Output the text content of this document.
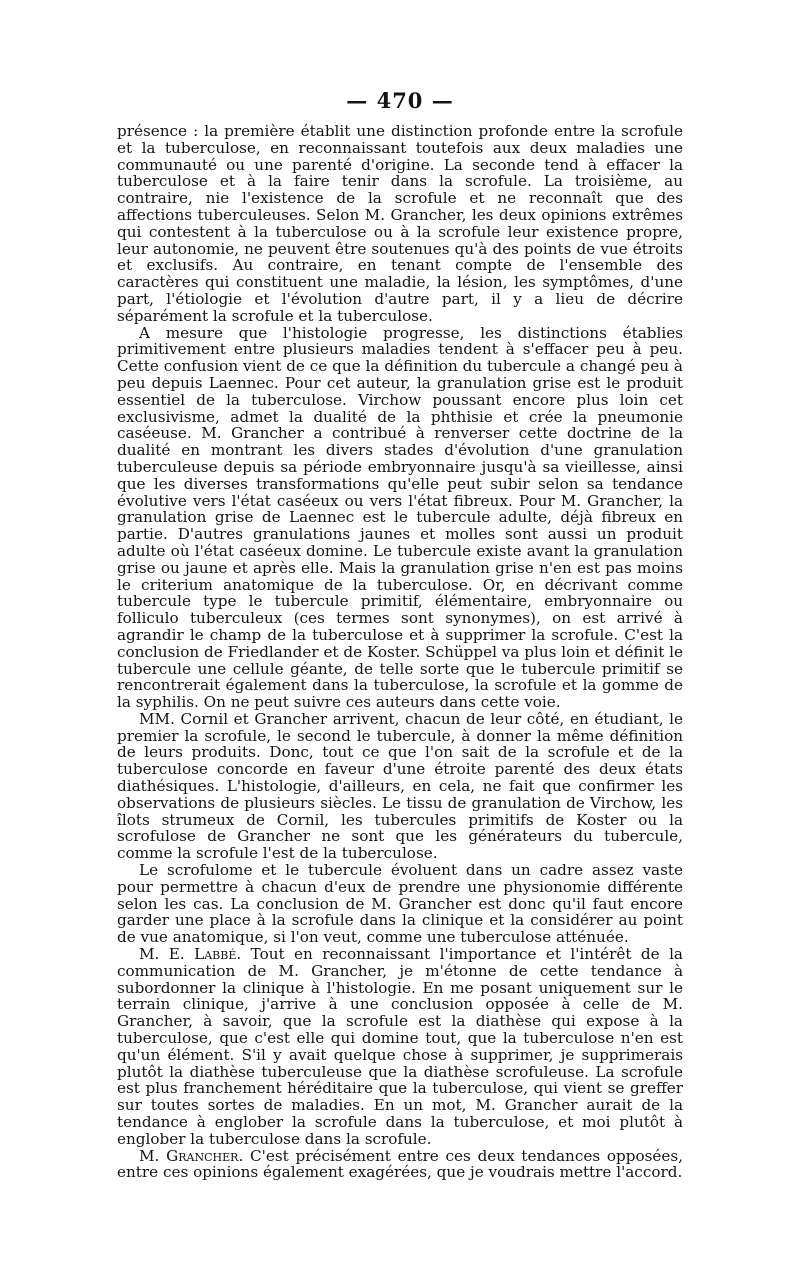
— 470 —

présence : la première établit une distinction profonde entre la scrofule et la tuberculose, en reconnaissant toutefois aux deux maladies une communauté ou une parenté d'origine. La seconde tend à effacer la tuberculose et à la faire tenir dans la scrofule. La troisième, au contraire, nie l'existence de la scrofule et ne reconnaît que des affections tuberculeuses. Selon M. Grancher, les deux opinions extrêmes qui contestent à la tuberculose ou à la scrofule leur existence propre, leur autonomie, ne peuvent être soutenues qu'à des points de vue étroits et exclusifs. Au contraire, en tenant compte de l'ensemble des caractères qui constituent une maladie, la lésion, les symptômes, d'une part, l'étiologie et l'évolution d'autre part, il y a lieu de décrire séparément la scrofule et la tuberculose.

A mesure que l'histologie progresse, les distinctions établies primitivement entre plusieurs maladies tendent à s'effacer peu à peu. Cette confusion vient de ce que la définition du tubercule a changé peu à peu depuis Laennec. Pour cet auteur, la granulation grise est le produit essentiel de la tuberculose. Virchow poussant encore plus loin cet exclusivisme, admet la dualité de la phthisie et crée la pneumonie caséeuse. M. Grancher a contribué à renverser cette doctrine de la dualité en montrant les divers stades d'évolution d'une granulation tuberculeuse depuis sa période embryonnaire jusqu'à sa vieillesse, ainsi que les diverses transformations qu'elle peut subir selon sa tendance évolutive vers l'état caséeux ou vers l'état fibreux. Pour M. Grancher, la granulation grise de Laennec est le tubercule adulte, déjà fibreux en partie. D'autres granulations jaunes et molles sont aussi un produit adulte où l'état caséeux domine. Le tubercule existe avant la granulation grise ou jaune et après elle. Mais la granulation grise n'en est pas moins le criterium anatomique de la tuberculose. Or, en décrivant comme tubercule type le tubercule primitif, élémentaire, embryonnaire ou folliculo tuberculeux (ces termes sont synonymes), on est arrivé à agrandir le champ de la tuberculose et à supprimer la scrofule. C'est la conclusion de Friedlander et de Koster. Schüppel va plus loin et définit le tubercule une cellule géante, de telle sorte que le tubercule primitif se rencontrerait également dans la tuberculose, la scrofule et la gomme de la syphilis. On ne peut suivre ces auteurs dans cette voie.

MM. Cornil et Grancher arrivent, chacun de leur côté, en étudiant, le premier la scrofule, le second le tubercule, à donner la même définition de leurs produits. Donc, tout ce que l'on sait de la scrofule et de la tuberculose concorde en faveur d'une étroite parenté des deux états diathésiques. L'histologie, d'ailleurs, en cela, ne fait que confirmer les observations de plusieurs siècles. Le tissu de granulation de Virchow, les îlots strumeux de Cornil, les tubercules primitifs de Koster ou la scrofulose de Grancher ne sont que les générateurs du tubercule, comme la scrofule l'est de la tuberculose.

Le scrofulome et le tubercule évoluent dans un cadre assez vaste pour permettre à chacun d'eux de prendre une physionomie différente selon les cas. La conclusion de M. Grancher est donc qu'il faut encore garder une place à la scrofule dans la clinique et la considérer au point de vue anatomique, si l'on veut, comme une tuberculose atténuée.

M. E. Labbé. Tout en reconnaissant l'importance et l'intérêt de la communication de M. Grancher, je m'étonne de cette tendance à subordonner la clinique à l'histologie. En me posant uniquement sur le terrain clinique, j'arrive à une conclusion opposée à celle de M. Grancher, à savoir, que la scrofule est la diathèse qui expose à la tuberculose, que c'est elle qui domine tout, que la tuberculose n'en est qu'un élément. S'il y avait quelque chose à supprimer, je supprimerais plutôt la diathèse tuberculeuse que la diathèse scrofuleuse. La scrofule est plus franchement héréditaire que la tuberculose, qui vient se greffer sur toutes sortes de maladies. En un mot, M. Grancher aurait de la tendance à englober la scrofule dans la tuberculose, et moi plutôt à englober la tuberculose dans la scrofule.

M. Grancher. C'est précisément entre ces deux tendances opposées, entre ces opinions également exagérées, que je voudrais mettre l'accord.
